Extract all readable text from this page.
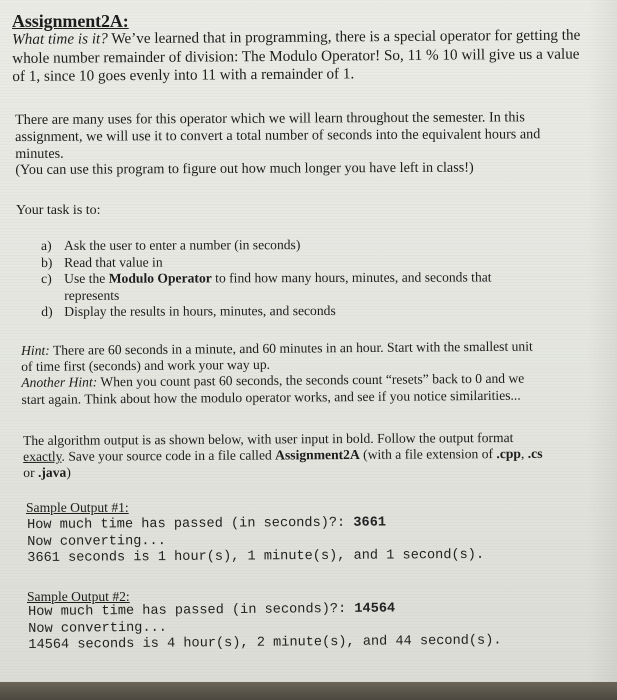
Assignment2A:
What time is it? We’ve learned that in programming, there is a special operator for getting the
whole number remainder of division: The Modulo Operator! So, 11 % 10 will give us a value
of 1, since 10 goes evenly into 11 with a remainder of 1.
There are many uses for this operator which we will learn throughout the semester. In this
assignment, we will use it to convert a total number of seconds into the equivalent hours and
minutes.
(You can use this program to figure out how much longer you have left in class!)
Your task is to:
a) Ask the user to enter a number (in seconds)
b) Read that value in
c) Use the Modulo Operator to find how many hours, minutes, and seconds that
represents
d) Display the results in hours, minutes, and seconds
Hint: There are 60 seconds in a minute, and 60 minutes in an hour. Start with the smallest unit
of time first (seconds) and work your way up.
Another Hint: When you count past 60 seconds, the seconds count “resets” back to 0 and we
start again. Think about how the modulo operator works, and see if you notice similarities...
The algorithm output is as shown below, with user input in bold. Follow the output format
exactly. Save your source code in a file called Assignment2A (with a file extension of .cpp, .cs
or .java)
Sample Output #1:
How much time has passed (in seconds)?: 3661
Now converting...
3661 seconds is 1 hour(s), 1 minute(s), and 1 second(s).
Sample Output #2:
How much time has passed (in seconds)?: 14564
Now converting...
14564 seconds is 4 hour(s), 2 minute(s), and 44 second(s).
